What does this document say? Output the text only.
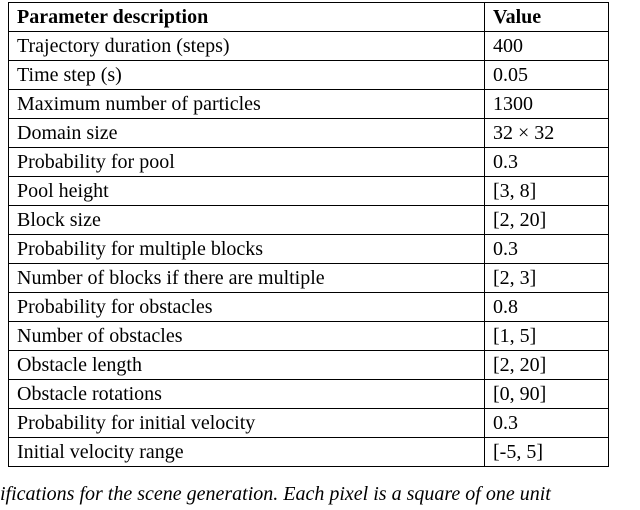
Parameter description	Value
Trajectory duration (steps)	400
Time step (s)	0.05
Maximum number of particles	1300
Domain size	32 × 32
Probability for pool	0.3
Pool height	[3, 8]
Block size	[2, 20]
Probability for multiple blocks	0.3
Number of blocks if there are multiple	[2, 3]
Probability for obstacles	0.8
Number of obstacles	[1, 5]
Obstacle length	[2, 20]
Obstacle rotations	[0, 90]
Probability for initial velocity	0.3
Initial velocity range	[-5, 5]
ifications for the scene generation. Each pixel is a square of one unit
